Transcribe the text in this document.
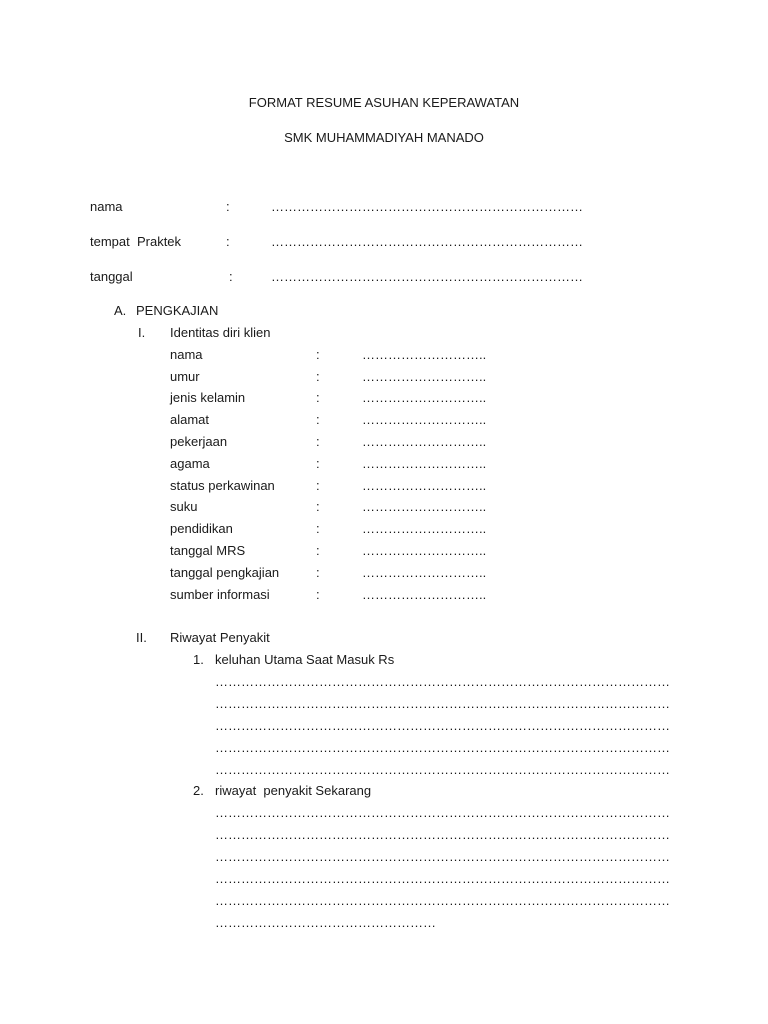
FORMAT RESUME ASUHAN KEPERAWATAN
SMK MUHAMMADIYAH MANADO
nama	:	………………………………………………………………
tempat  Praktek	:	………………………………………………………………
tanggal	:	………………………………………………………………
A. PENGKAJIAN
I. Identitas diri klien
nama	:	………………………..
umur	:	………………………..
jenis kelamin	:	………………………..
alamat	:	………………………..
pekerjaan	:	………………………..
agama	:	………………………..
status perkawinan	:	………………………..
suku	:	………………………..
pendidikan	:	………………………..
tanggal MRS	:	………………………..
tanggal pengkajian	:	………………………..
sumber informasi	:	………………………..
II. Riwayat Penyakit
1. keluhan Utama Saat Masuk Rs
……………………………………………………………………………………………
……………………………………………………………………………………………
……………………………………………………………………………………………
……………………………………………………………………………………………
……………………………………………………………………………………………
2. riwayat  penyakit Sekarang
……………………………………………………………………………………………
……………………………………………………………………………………………
……………………………………………………………………………………………
……………………………………………………………………………………………
……………………………………………………………………………………………
……………………………………………
